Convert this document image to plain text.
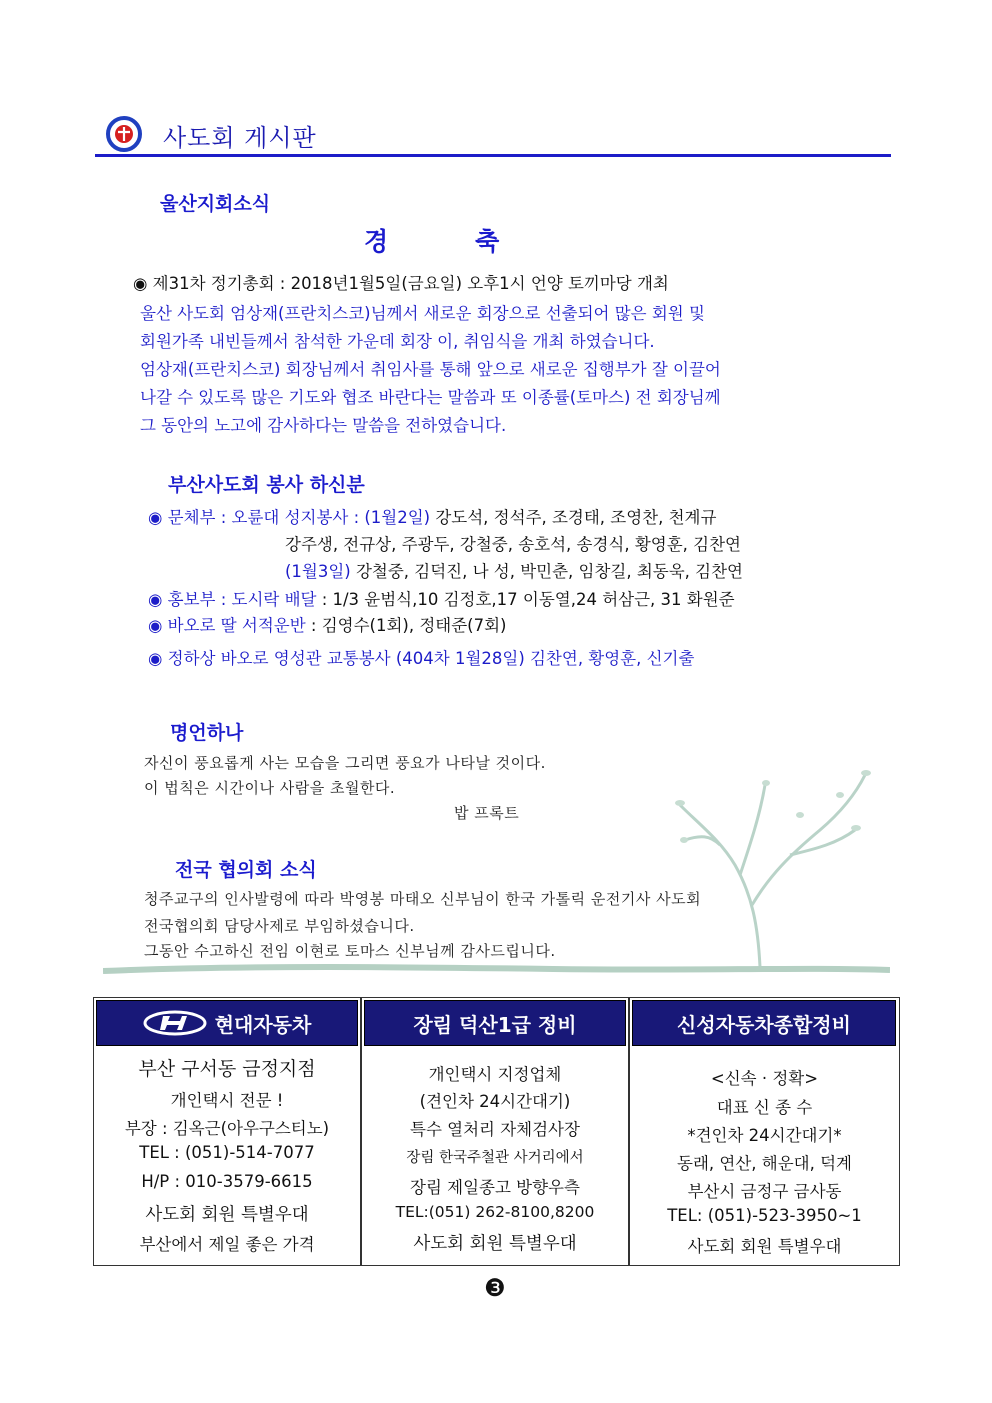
사도회 게시판
울산지회소식
경          축
◉ 제31차 정기총회 : 2018년1월5일(금요일) 오후1시 언양 토끼마당 개최
울산 사도회 엄상재(프란치스코)님께서 새로운 회장으로 선출되어 많은 회원 및
회원가족 내빈들께서 참석한 가운데 회장 이, 취임식을 개최 하였습니다.
엄상재(프란치스코) 회장님께서 취임사를 통해 앞으로 새로운 집행부가 잘 이끌어
나갈 수 있도록 많은 기도와 협조 바란다는 말씀과 또 이종률(토마스) 전 회장님께
그 동안의 노고에 감사하다는 말씀을 전하였습니다.
부산사도회 봉사 하신분
◉ 문체부 : 오륜대 성지봉사 : (1월2일) 강도석, 정석주, 조경태, 조영찬, 천계규
강주생, 전규상, 주광두, 강철중, 송호석, 송경식, 황영훈, 김찬연
(1월3일) 강철중, 김덕진, 나 성, 박민춘, 임창길, 최동욱, 김찬연
◉ 홍보부 : 도시락 배달 : 1/3 윤범식,10 김정호,17 이동열,24 허삼근, 31 화원준
◉ 바오로 딸 서적운반 : 김영수(1회), 정태준(7회)
◉ 정하상 바오로 영성관 교통봉사 (404차 1월28일) 김찬연, 황영훈, 신기출
명언하나
자신이 풍요롭게 사는 모습을 그리면 풍요가 나타날 것이다.
이 법칙은 시간이나 사람을 초월한다.
밥 프록트
전국 협의회 소식
청주교구의 인사발령에 따라 박영봉 마태오 신부님이 한국 가톨릭 운전기사 사도회
전국협의회 담당사제로 부임하셨습니다.
그동안 수고하신 전임 이현로 토마스 신부님께 감사드립니다.
현대자동차
부산 구서동 금정지점
개인택시 전문 !
부장 : 김옥근(아우구스티노)
TEL : (051)-514-7077
H/P : 010-3579-6615
사도회 회원 특별우대
부산에서 제일 좋은 가격
장림 덕산1급 정비
개인택시 지정업체
(견인차 24시간대기)
특수 열처리 자체검사장
장림 한국주철관 사거리에서
장림 제일종고 방향우측
TEL:(051) 262-8100,8200
사도회 회원 특별우대
신성자동차종합정비
<신속 · 정확>
대표 신 종 수
*견인차 24시간대기*
동래, 연산, 해운대, 덕계
부산시 금정구 금사동
TEL: (051)-523-3950~1
사도회 회원 특별우대
❸
